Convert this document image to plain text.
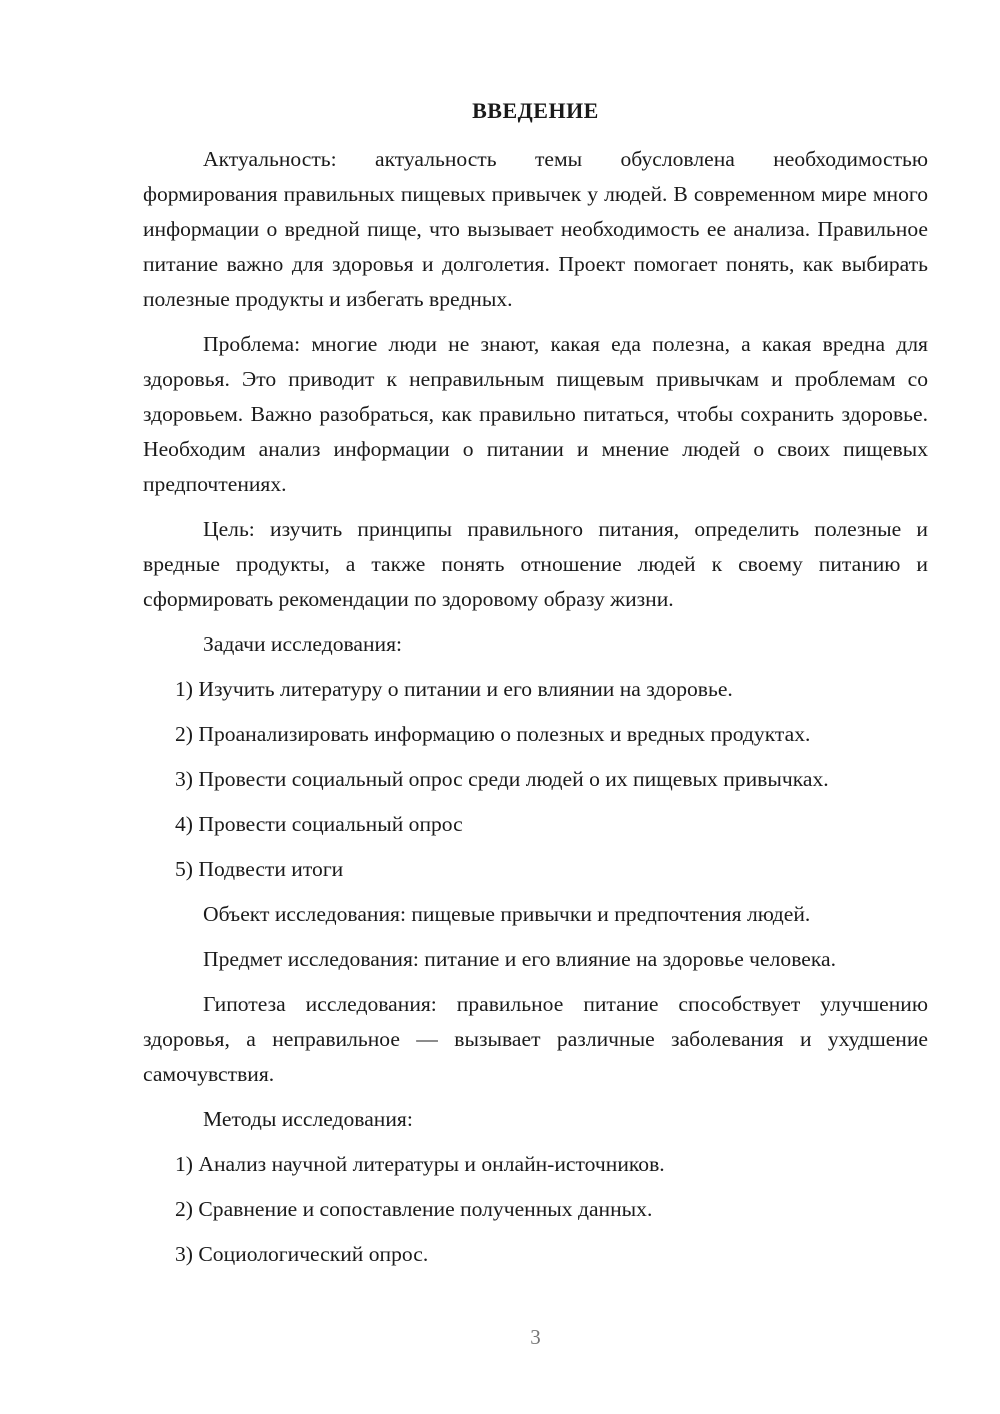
ВВЕДЕНИЕ

Актуальность: актуальность темы обусловлена необходимостью формирования правильных пищевых привычек у людей. В современном мире много информации о вредной пище, что вызывает необходимость ее анализа. Правильное питание важно для здоровья и долголетия. Проект помогает понять, как выбирать полезные продукты и избегать вредных.

Проблема: многие люди не знают, какая еда полезна, а какая вредна для здоровья. Это приводит к неправильным пищевым привычкам и проблемам со здоровьем. Важно разобраться, как правильно питаться, чтобы сохранить здоровье. Необходим анализ информации о питании и мнение людей о своих пищевых предпочтениях.

Цель: изучить принципы правильного питания, определить полезные и вредные продукты, а также понять отношение людей к своему питанию и сформировать рекомендации по здоровому образу жизни.

Задачи исследования:

1) Изучить литературу о питании и его влиянии на здоровье.

2) Проанализировать информацию о полезных и вредных продуктах.

3) Провести социальный опрос среди людей о их пищевых привычках.

4) Провести социальный опрос

5) Подвести итоги

Объект исследования: пищевые привычки и предпочтения людей.

Предмет исследования: питание и его влияние на здоровье человека.

Гипотеза исследования: правильное питание способствует улучшению здоровья, а неправильное — вызывает различные заболевания и ухудшение самочувствия.

Методы исследования:

1) Анализ научной литературы и онлайн-источников.

2) Сравнение и сопоставление полученных данных.

3) Социологический опрос.

3
